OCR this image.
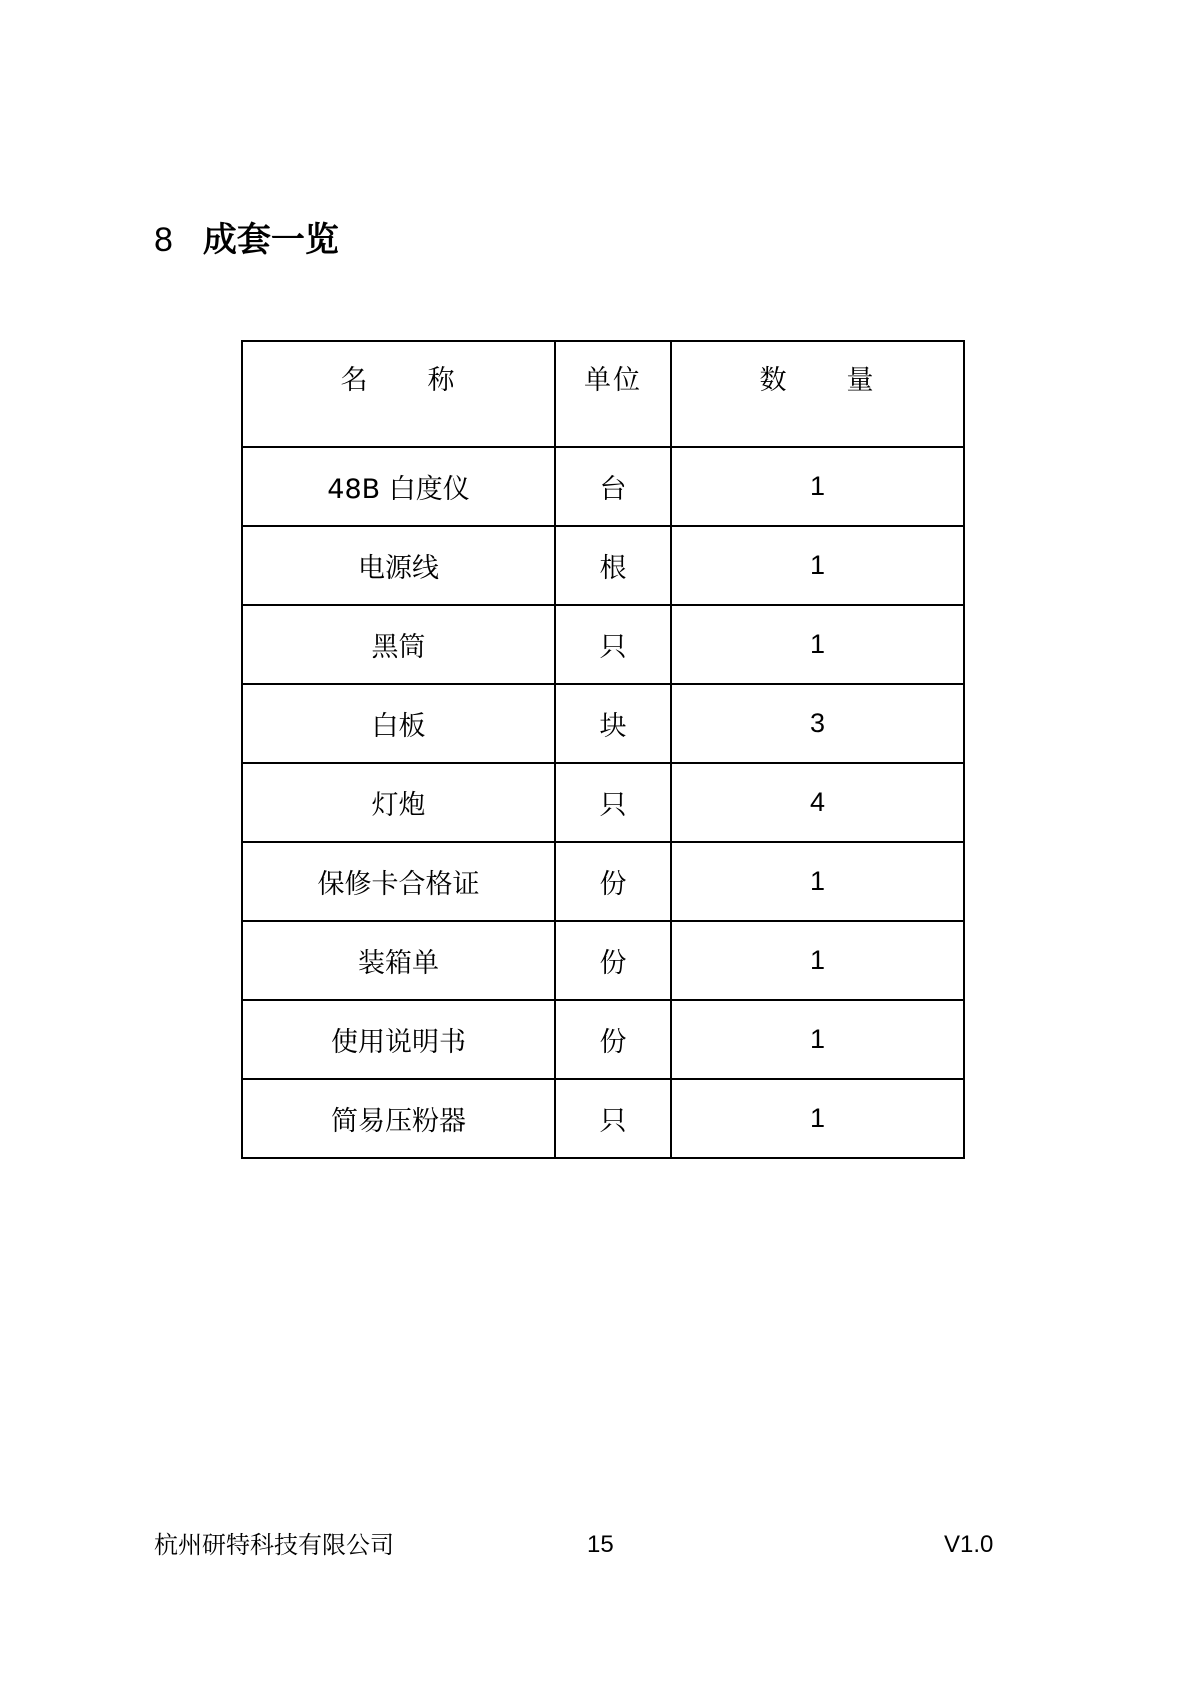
8 成套一览
名　　称	单位	数　　量
48B 白度仪	台	1
电源线	根	1
黑筒	只	1
白板	块	3
灯炮	只	4
保修卡合格证	份	1
装箱单	份	1
使用说明书	份	1
简易压粉器	只	1
杭州研特科技有限公司	15	V1.0
